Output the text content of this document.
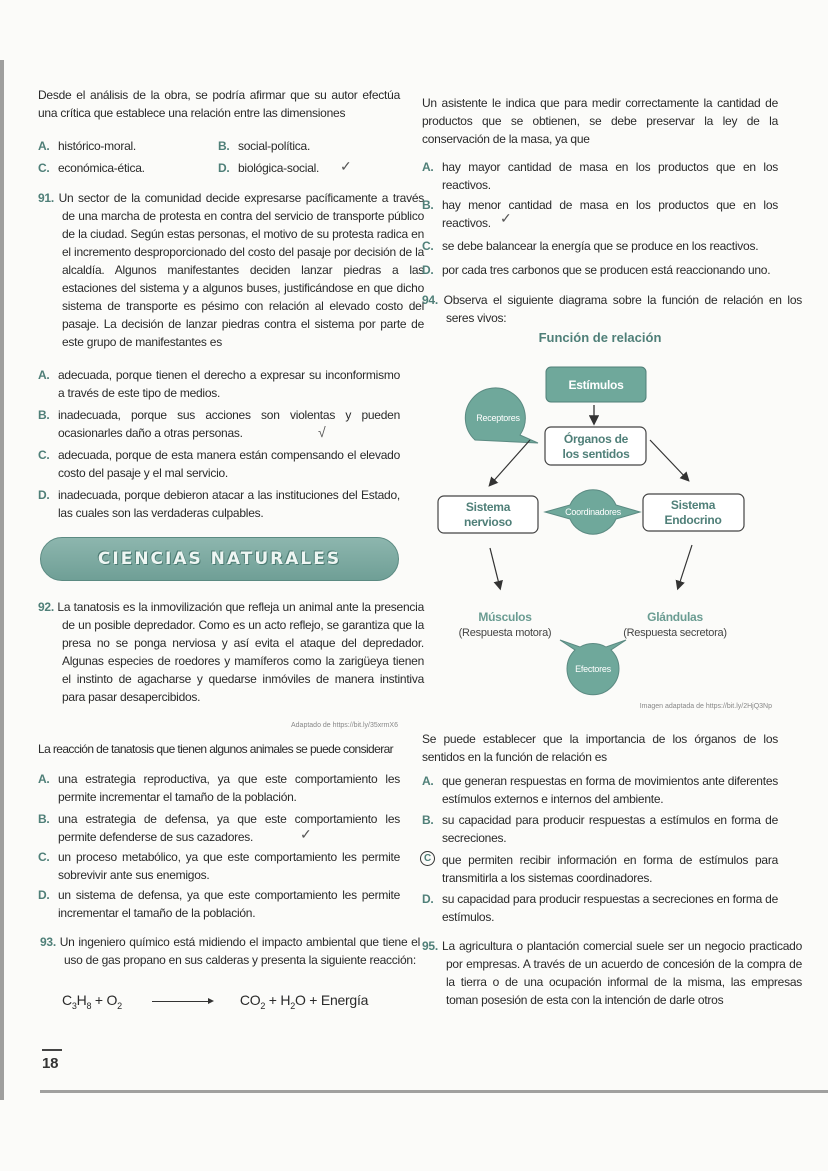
Desde el análisis de la obra, se podría afirmar que su autor efectúa una crítica que establece una relación entre las dimensiones
A. histórico-moral.	B. social-política.
C. económica-ética.	D. biológica-social.	✓
91. Un sector de la comunidad decide expresarse pacíficamente a través de una marcha de protesta en contra del servicio de transporte público de la ciudad. Según estas personas, el motivo de su protesta radica en el incremento desproporcionado del costo del pasaje por decisión de la alcaldía. Algunos manifestantes deciden lanzar piedras a las estaciones del sistema y a algunos buses, justificándose en que dicho sistema de transporte es pésimo con relación al elevado costo del pasaje. La decisión de lanzar piedras contra el sistema por parte de este grupo de manifestantes es
A. adecuada, porque tienen el derecho a expresar su inconformismo a través de este tipo de medios.
B. inadecuada, porque sus acciones son violentas y pueden ocasionarles daño a otras personas.	√
C. adecuada, porque de esta manera están compensando el elevado costo del pasaje y el mal servicio.
D. inadecuada, porque debieron atacar a las instituciones del Estado, las cuales son las verdaderas culpables.
CIENCIAS NATURALES
92. La tanatosis es la inmovilización que refleja un animal ante la presencia de un posible depredador. Como es un acto reflejo, se garantiza que la presa no se ponga nerviosa y así evita el ataque del depredador. Algunas especies de roedores y mamíferos como la zarigüeya tienen el instinto de agacharse y quedarse inmóviles de manera instintiva para pasar desapercibidos.
Adaptado de https://bit.ly/35xrmX6
La reacción de tanatosis que tienen algunos animales se puede considerar
A. una estrategia reproductiva, ya que este comportamiento les permite incrementar el tamaño de la población.
B. una estrategia de defensa, ya que este comportamiento les permite defenderse de sus cazadores.	✓
C. un proceso metabólico, ya que este comportamiento les permite sobrevivir ante sus enemigos.
D. un sistema de defensa, ya que este comportamiento les permite incrementar el tamaño de la población.
93. Un ingeniero químico está midiendo el impacto ambiental que tiene el uso de gas propano en sus calderas y presenta la siguiente reacción:
$C_3H_8 + O_2$	$CO_2 + H_2O$ + Energía
18
Un asistente le indica que para medir correctamente la cantidad de productos que se obtienen, se debe preservar la ley de la conservación de la masa, ya que
A. hay mayor cantidad de masa en los productos que en los reactivos.
B. hay menor cantidad de masa en los productos que en los reactivos. ✓
C. se debe balancear la energía que se produce en los reactivos.
D. por cada tres carbonos que se producen está reaccionando uno.
94. Observa el siguiente diagrama sobre la función de relación en los seres vivos:
Función de relación
Estímulos
Receptores
Órganos de
los sentidos
Sistema
nervioso
Sistema
Endocrino
Coordinadores
Músculos
(Respuesta motora)
Glándulas
(Respuesta secretora)
Efectores
Imagen adaptada de https://bit.ly/2HjQ3Np
Se puede establecer que la importancia de los órganos de los sentidos en la función de relación es
A. que generan respuestas en forma de movimientos ante diferentes estímulos externos e internos del ambiente.
B. su capacidad para producir respuestas a estímulos en forma de secreciones.
C que permiten recibir información en forma de estímulos para transmitirla a los sistemas coordinadores.
D. su capacidad para producir respuestas a secreciones en forma de estímulos.
95. La agricultura o plantación comercial suele ser un negocio practicado por empresas. A través de un acuerdo de concesión de la compra de la tierra o de una ocupación informal de la misma, las empresas toman posesión de esta con la intención de darle otros
